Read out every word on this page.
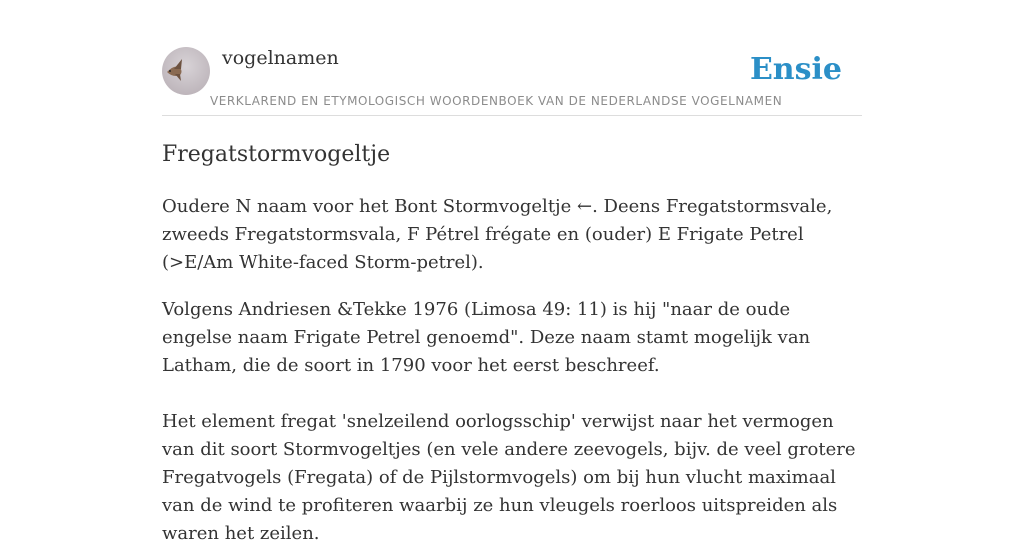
vogelnamen	Ensie
VERKLAREND EN ETYMOLOGISCH WOORDENBOEK VAN DE NEDERLANDSE VOGELNAMEN
Fregatstormvogeltje

Oudere N naam voor het Bont Stormvogeltje ←. Deens Fregatstormsvale, zweeds Fregatstormsvala, F Pétrel frégate en (ouder) E Frigate Petrel (>E/Am White-faced Storm-petrel).

Volgens Andriesen &Tekke 1976 (Limosa 49: 11) is hij "naar de oude engelse naam Frigate Petrel genoemd". Deze naam stamt mogelijk van Latham, die de soort in 1790 voor het eerst beschreef.

Het element fregat 'snelzeilend oorlogsschip' verwijst naar het vermogen van dit soort Stormvogeltjes (en vele andere zeevogels, bijv. de veel grotere Fregatvogels (Fregata) of de Pijlstormvogels) om bij hun vlucht maximaal van de wind te profiteren waarbij ze hun vleugels roerloos uitspreiden als waren het zeilen.
